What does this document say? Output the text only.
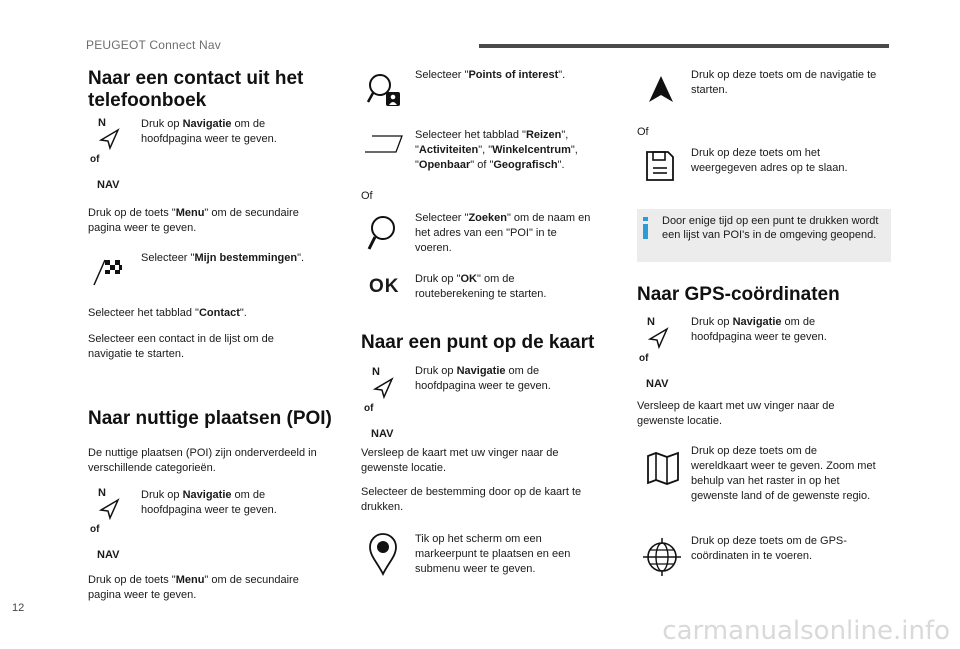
PEUGEOT Connect Nav
Naar een contact uit het telefoonboek
N
of
NAV

Druk op Navigatie om de hoofdpagina weer te geven.

Druk op de toets "Menu" om de secundaire pagina weer te geven.

Selecteer "Mijn bestemmingen".

Selecteer het tabblad "Contact".

Selecteer een contact in de lijst om de navigatie te starten.

Naar nuttige plaatsen (POI)

De nuttige plaatsen (POI) zijn onderverdeeld in verschillende categorieën.

N
of
NAV

Druk op Navigatie om de hoofdpagina weer te geven.

Druk op de toets "Menu" om de secundaire pagina weer te geven.

Selecteer "Points of interest".

Selecteer het tabblad "Reizen", "Activiteiten", "Winkelcentrum", "Openbaar" of "Geografisch".

Of

Selecteer "Zoeken" om de naam en het adres van een "POI" in te voeren.

OK Druk op "OK" om de routeberekening te starten.

Naar een punt op de kaart
N
of
NAV

Druk op Navigatie om de hoofdpagina weer te geven.

Versleep de kaart met uw vinger naar de gewenste locatie.

Selecteer de bestemming door op de kaart te drukken.

Tik op het scherm om een markeerpunt te plaatsen en een submenu weer te geven.

Druk op deze toets om de navigatie te starten.

Of

Druk op deze toets om het weergegeven adres op te slaan.

Door enige tijd op een punt te drukken wordt een lijst van POI's in de omgeving geopend.

Naar GPS-coördinaten
N
of
NAV

Druk op Navigatie om de hoofdpagina weer te geven.

Versleep de kaart met uw vinger naar de gewenste locatie.

Druk op deze toets om de wereldkaart weer te geven. Zoom met behulp van het raster in op het gewenste land of de gewenste regio.

Druk op deze toets om de GPS-coördinaten in te voeren.

12
carmanualsonline.info
